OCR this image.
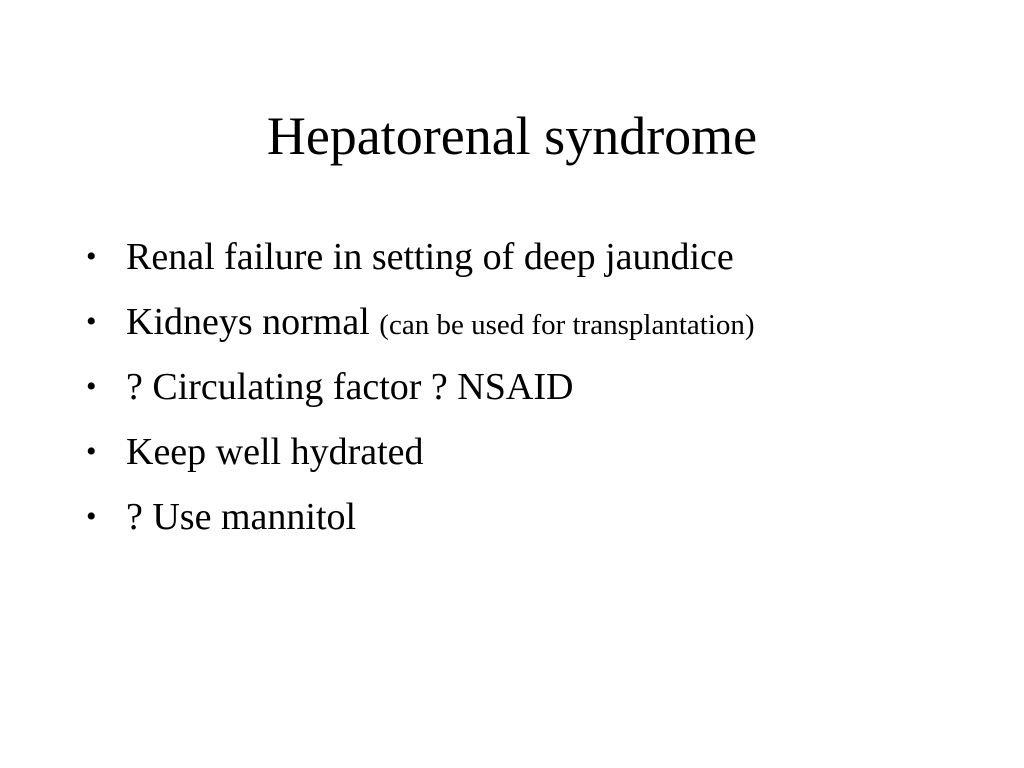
Hepatorenal syndrome
• Renal failure in setting of deep jaundice
• Kidneys normal (can be used for transplantation)
• ? Circulating factor ? NSAID
• Keep well hydrated
• ? Use mannitol
